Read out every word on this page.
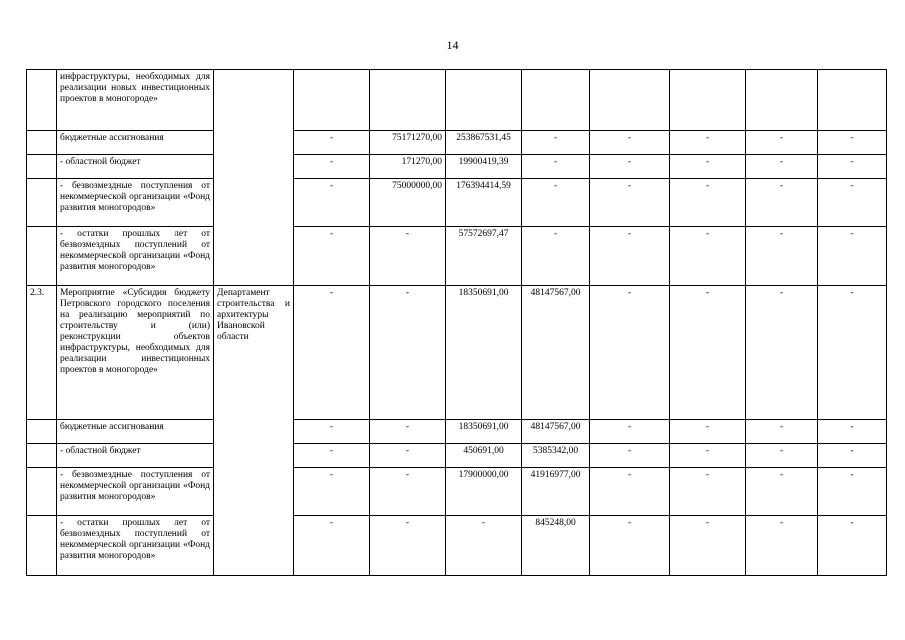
14
	инфраструктуры, необходимых для реализации новых инвестиционных проектов в моногороде»									
	бюджетные ассигнования		-	75171270,00	253867531,45	-	-	-	-	-
	- областной бюджет		-	171270,00	19900419,39	-	-	-	-	-
	- безвозмездные поступления от некоммерческой организации «Фонд развития моногородов»		-	75000000,00	176394414,59	-	-	-	-	-
	- остатки прошлых лет от безвозмездных поступлений от некоммерческой организации «Фонд развития моногородов»		-	-	57572697,47	-	-	-	-	-
2.3.	Мероприятие «Субсидия бюджету Петровского городского поселения на реализацию мероприятий по строительству и (или) реконструкции объектов инфраструктуры, необходимых для реализации инвестиционных проектов в моногороде»	Департамент строительства и архитектуры Ивановской области	-	-	18350691,00	48147567,00	-	-	-	-
	бюджетные ассигнования		-	-	18350691,00	48147567,00	-	-	-	-
	- областной бюджет		-	-	450691,00	5385342,00	-	-	-	-
	- безвозмездные поступления от некоммерческой организации «Фонд развития моногородов»		-	-	17900000,00	41916977,00	-	-	-	-
	- остатки прошлых лет от безвозмездных поступлений от некоммерческой организации «Фонд развития моногородов»		-	-	-	845248,00	-	-	-	-
